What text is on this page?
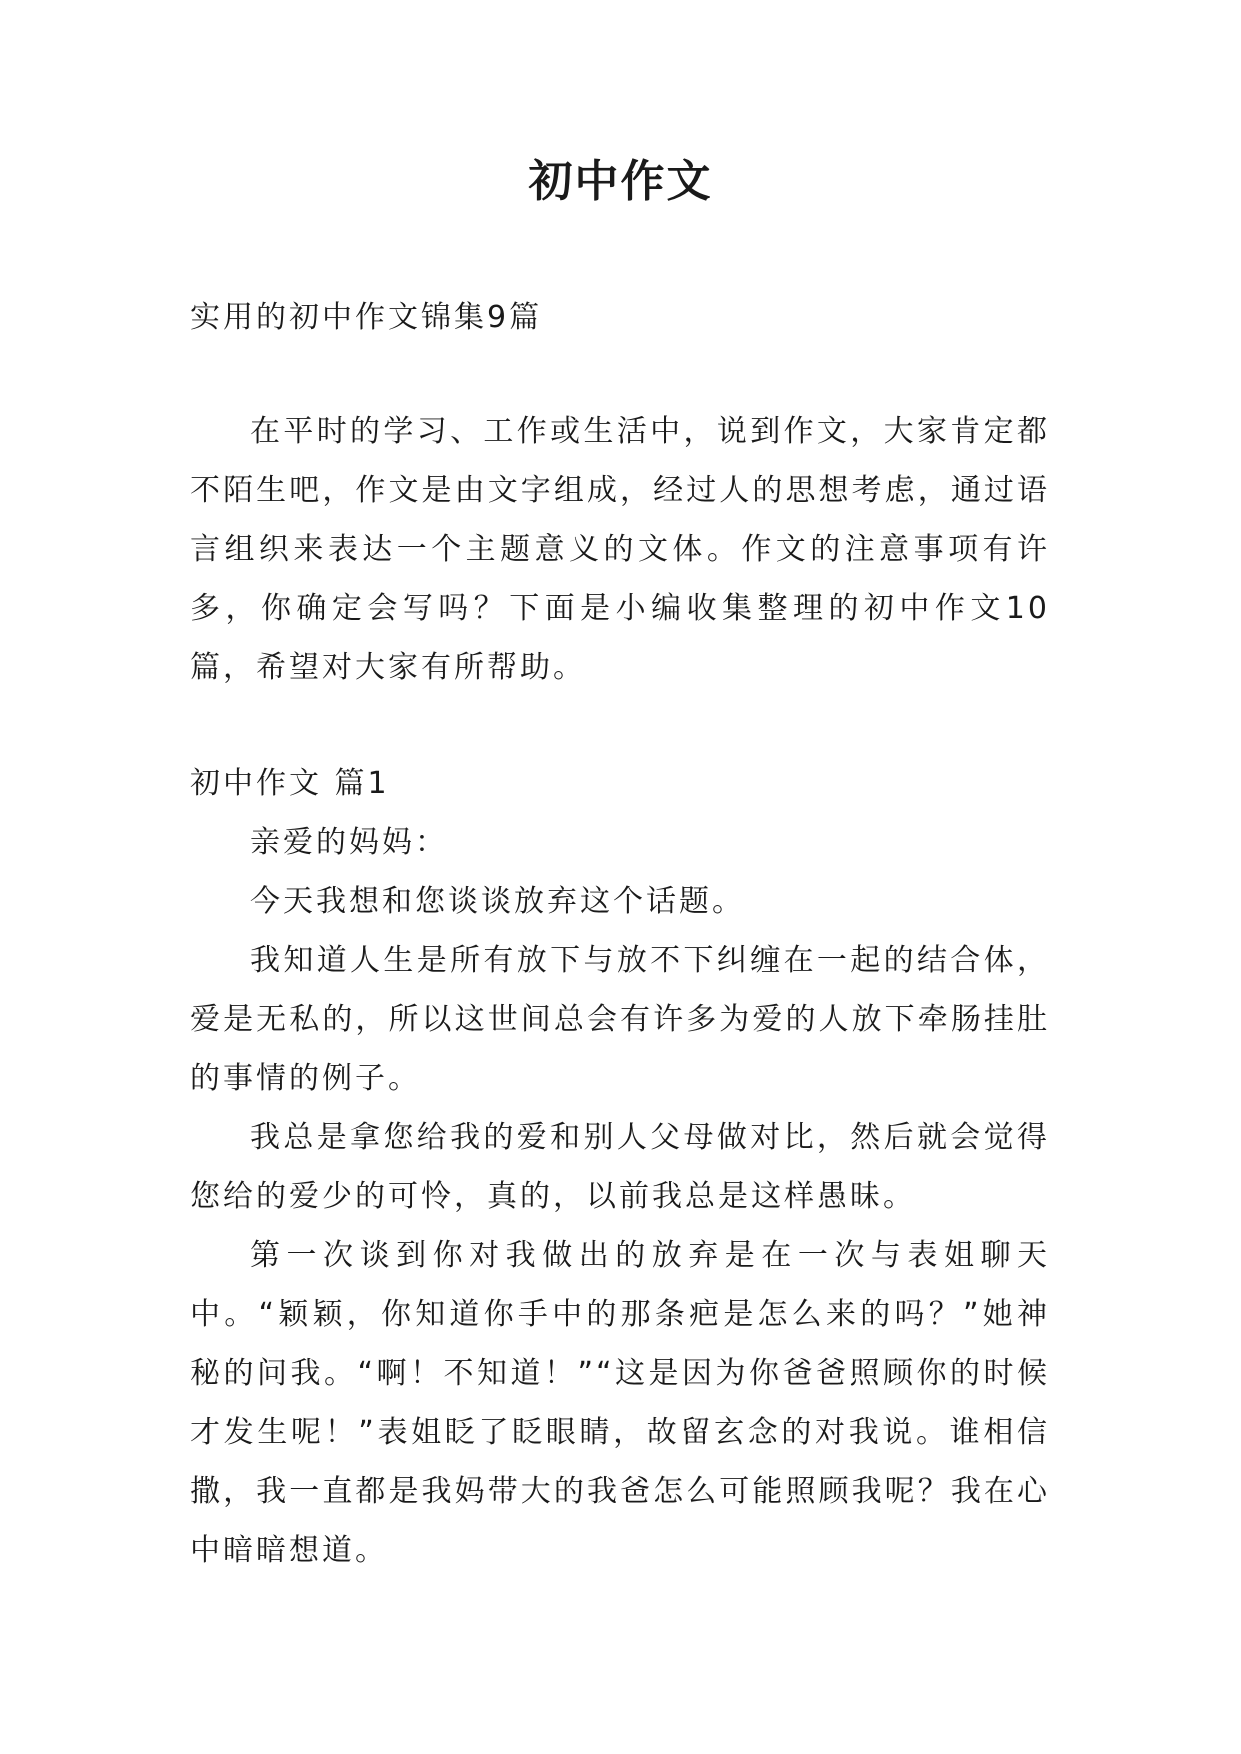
初中作文
实用的初中作文锦集9篇

在平时的学习、工作或生活中，说到作文，大家肯定都不陌生吧，作文是由文字组成，经过人的思想考虑，通过语言组织来表达一个主题意义的文体。作文的注意事项有许多，你确定会写吗？下面是小编收集整理的初中作文10篇，希望对大家有所帮助。

初中作文 篇1

亲爱的妈妈：

今天我想和您谈谈放弃这个话题。

我知道人生是所有放下与放不下纠缠在一起的结合体，爱是无私的，所以这世间总会有许多为爱的人放下牵肠挂肚的事情的例子。

我总是拿您给我的爱和别人父母做对比，然后就会觉得您给的爱少的可怜，真的，以前我总是这样愚昧。

第一次谈到你对我做出的放弃是在一次与表姐聊天中。“颖颖，你知道你手中的那条疤是怎么来的吗？”她神秘的问我。“啊！不知道！”“这是因为你爸爸照顾你的时候才发生呢！”表姐眨了眨眼睛，故留玄念的对我说。谁相信撒，我一直都是我妈带大的我爸怎么可能照顾我呢？我在心中暗暗想道。
